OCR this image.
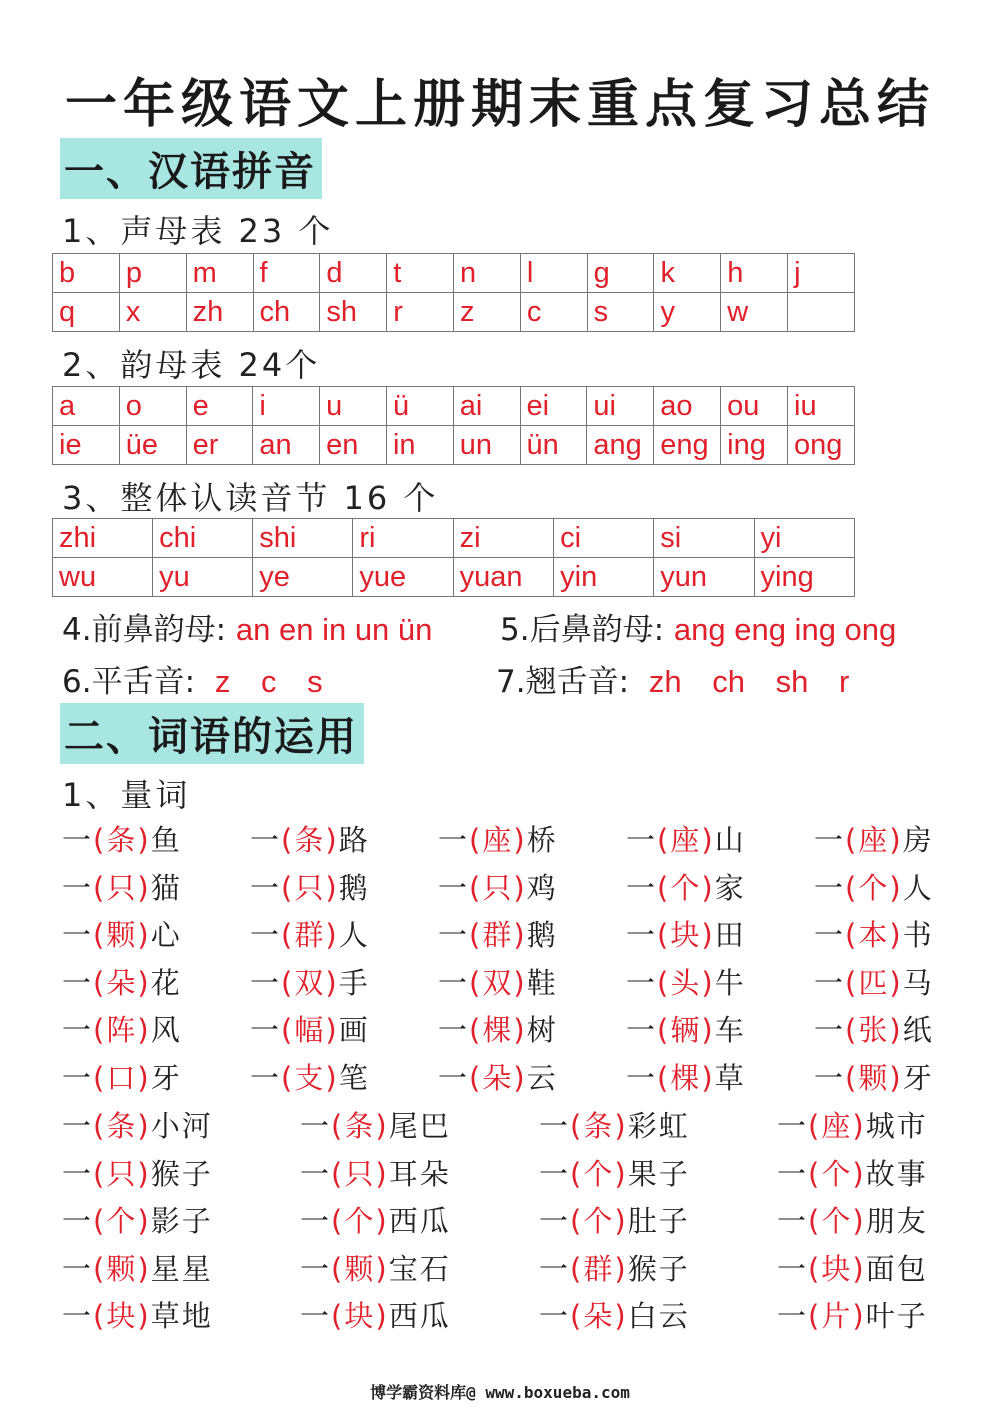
一年级语文上册期末重点复习总结
一、汉语拼音
1、声母表 23 个
b	p	m	f	d	t	n	l	g	k	h	j
q	x	zh	ch	sh	r	z	c	s	y	w	
2、韵母表 24个
a	o	e	i	u	ü	ai	ei	ui	ao	ou	iu
ie	üe	er	an	en	in	un	ün	ang	eng	ing	ong
3、整体认读音节 16 个
zhi	chi	shi	ri	zi	ci	si	yi
wu	yu	ye	yue	yuan	yin	yun	ying
4.前鼻韵母: an en in un ün 5.后鼻韵母: ang eng ing ong
6.平舌音: z c s	7.翘舌音: zh ch sh r
二、词语的运用
1、量词
一(条)鱼 一(条)路 一(座)桥 一(座)山 一(座)房
一(只)猫 一(只)鹅 一(只)鸡 一(个)家 一(个)人
一(颗)心 一(群)人 一(群)鹅 一(块)田 一(本)书
一(朵)花 一(双)手 一(双)鞋 一(头)牛 一(匹)马
一(阵)风 一(幅)画 一(棵)树 一(辆)车 一(张)纸
一(口)牙 一(支)笔 一(朵)云 一(棵)草 一(颗)牙
一(条)小河	一(条)尾巴	一(条)彩虹	一(座)城市
一(只)猴子	一(只)耳朵	一(个)果子	一(个)故事
一(个)影子	一(个)西瓜	一(个)肚子	一(个)朋友
一(颗)星星	一(颗)宝石	一(群)猴子	一(块)面包
一(块)草地	一(块)西瓜	一(朵)白云	一(片)叶子
博学霸资料库@ www.boxueba.com
